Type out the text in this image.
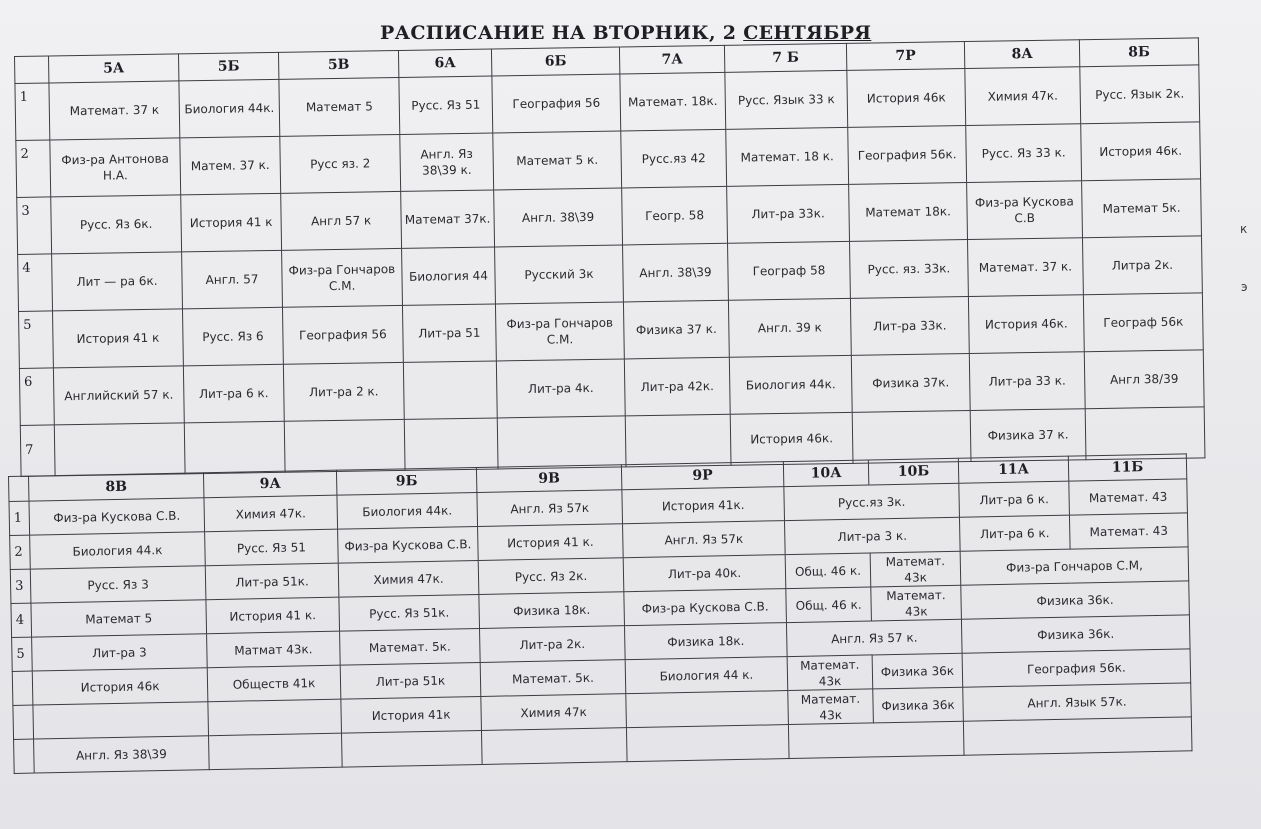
РАСПИСАНИЕ НА ВТОРНИК, 2 СЕНТЯБРЯ
	5А	5Б	5В	6А	6Б	7А	7 Б	7Р	8А	8Б
1	Математ. 37 к	Биология 44к.	Математ 5	Русс. Яз 51	География 56	Математ. 18к.	Русс. Язык 33 к	История 46к	Химия 47к.	Русс. Язык 2к.
2	Физ-ра Антонова Н.А.	Матем. 37 к.	Русс яз. 2	Англ. Яз 38\39 к.	Математ 5 к.	Русс.яз 42	Математ. 18 к.	География 56к.	Русс. Яз 33 к.	История 46к.
3	Русс. Яз 6к.	История 41 к	Англ 57 к	Математ 37к.	Англ. 38\39	Геогр. 58	Лит-ра 33к.	Математ 18к.	Физ-ра Кускова С.В	Математ 5к.
4	Лит — ра 6к.	Англ. 57	Физ-ра Гончаров С.М.	Биология 44	Русский 3к	Англ. 38\39	Географ 58	Русс. яз. 33к.	Математ. 37 к.	Литра 2к.
5	История 41 к	Русс. Яз 6	География 56	Лит-ра 51	Физ-ра Гончаров С.М.	Физика 37 к.	Англ. 39 к	Лит-ра 33к.	История 46к.	Географ 56к
6	Английский 57 к.	Лит-ра 6 к.	Лит-ра 2 к.		Лит-ра 4к.	Лит-ра 42к.	Биология 44к.	Физика 37к.	Лит-ра 33 к.	Англ 38/39
7							История 46к.		Физика 37 к.	
	8В	9А	9Б	9В	9Р	10А	10Б	11А	11Б
1	Физ-ра Кускова С.В.	Химия 47к.	Биология 44к.	Англ. Яз 57к	История 41к.	Русс.яз 3к.		Лит-ра 6 к.	Математ. 43
2	Биология 44.к	Русс. Яз 51	Физ-ра Кускова С.В.	История 41 к.	Англ. Яз 57к	Лит-ра 3 к.		Лит-ра 6 к.	Математ. 43
3	Русс. Яз 3	Лит-ра 51к.	Химия 47к.	Русс. Яз 2к.	Лит-ра 40к.	Общ. 46 к.	Математ. 43к	Физ-ра Гончаров С.М,	
4	Математ 5	История 41 к.	Русс. Яз 51к.	Физика 18к.	Физ-ра Кускова С.В.	Общ. 46 к.	Математ. 43к	Физика 36к.	
5	Лит-ра 3	Матмат 43к.	Математ. 5к.	Лит-ра 2к.	Физика 18к.	Англ. Яз 57 к.		Физика 36к.	
	История 46к	Обществ 41к	Лит-ра 51к	Математ. 5к.	Биология 44 к.	Математ. 43к	Физика 36к	География 56к.	
			История 41к	Химия 47к		Математ. 43к	Физика 36к	Англ. Язык 57к.	
	Англ. Яз 38\39								
к
э
